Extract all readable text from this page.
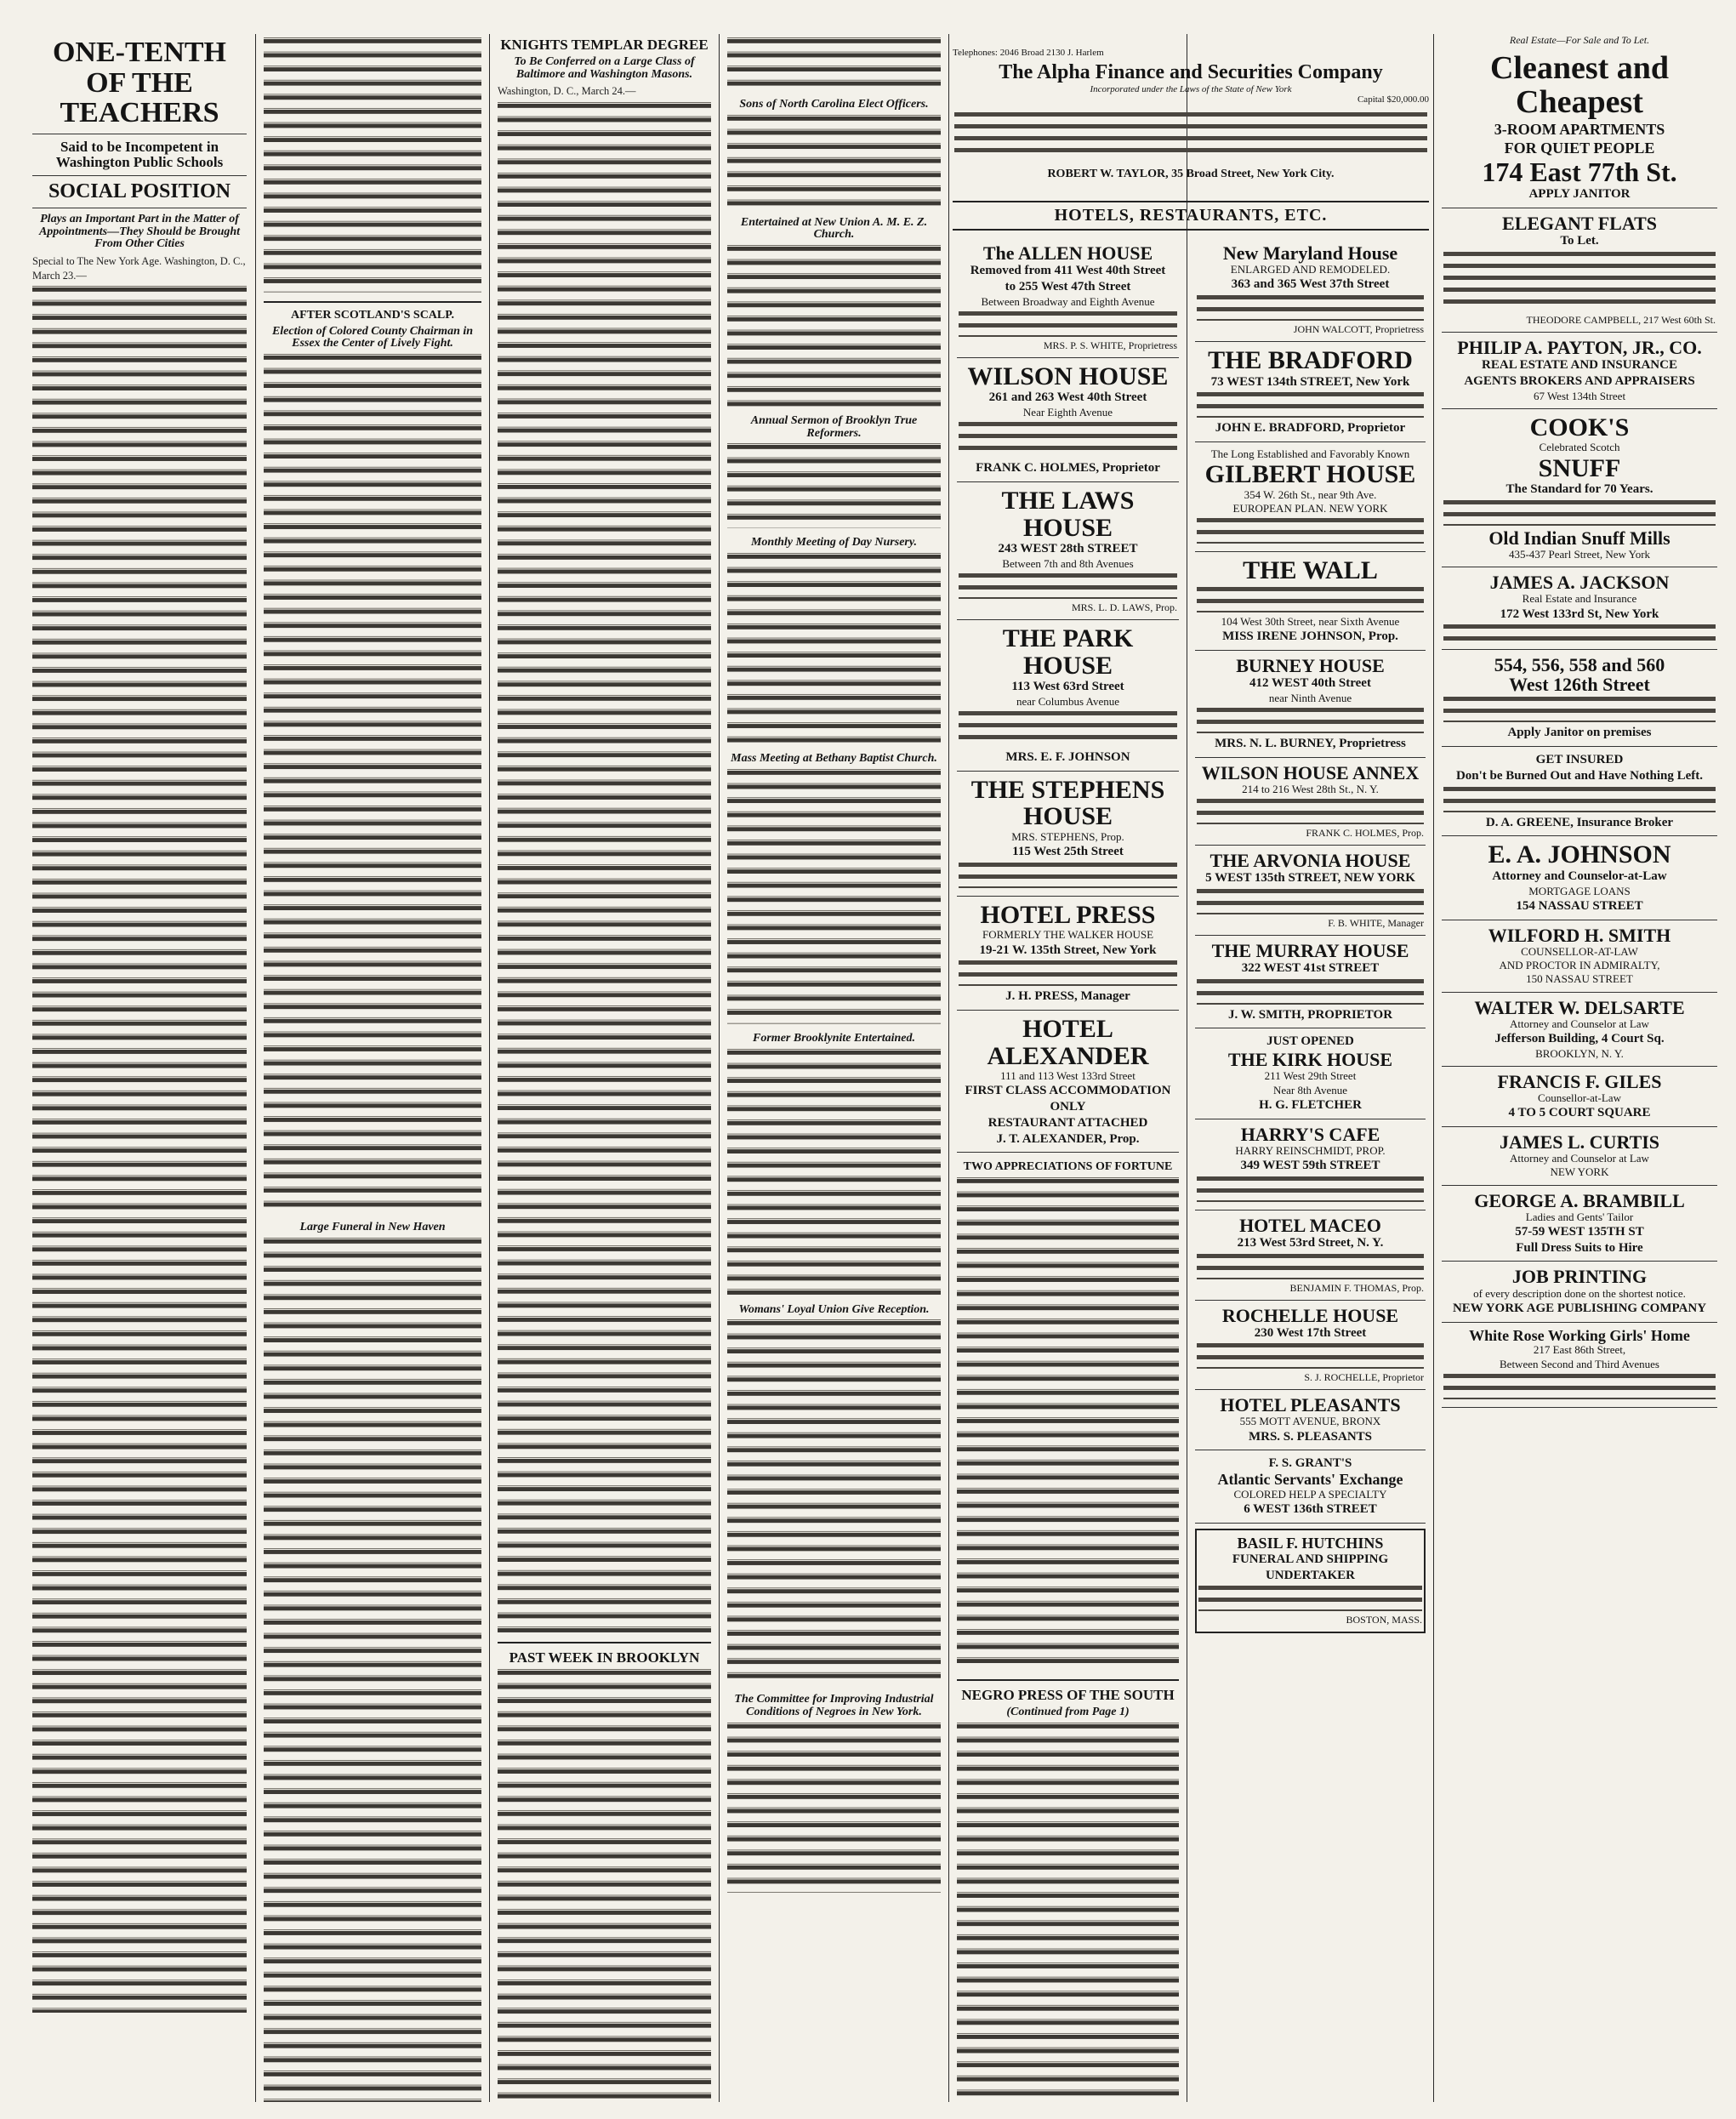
ONE-TENTH OF THE TEACHERS
Said to be Incompetent in Washington Public Schools
SOCIAL POSITION
Plays an Important Part in the Matter of Appointments—They Should be Brought From Other Cities
Special to The New York Age. Washington, D. C., March 23.—
AFTER SCOTLAND'S SCALP.
Election of Colored County Chairman in Essex the Center of Lively Fight.
Large Funeral in New Haven
KNIGHTS TEMPLAR DEGREE
To Be Conferred on a Large Class of Baltimore and Washington Masons.
Washington, D. C., March 24.—
PAST WEEK IN BROOKLYN
Sons of North Carolina Elect Officers.
Entertained at New Union A. M. E. Z. Church.
Annual Sermon of Brooklyn True Reformers.
Monthly Meeting of Day Nursery.
Mass Meeting at Bethany Baptist Church.
Former Brooklynite Entertained.
Womans' Loyal Union Give Reception.
The Committee for Improving Industrial Conditions of Negroes in New York.
Telephones: 2046 Broad 2130 J. Harlem
The Alpha Finance and Securities Company
Incorporated under the Laws of the State of New York
Capital $20,000.00
ROBERT W. TAYLOR, 35 Broad Street, New York City.
HOTELS, RESTAURANTS, ETC.
The ALLEN HOUSE
Removed from 411 West 40th Street
to 255 West 47th Street
Between Broadway and Eighth Avenue
MRS. P. S. WHITE, Proprietress
WILSON HOUSE
261 and 263 West 40th Street
Near Eighth Avenue
FRANK C. HOLMES, Proprietor
THE LAWS HOUSE
243 WEST 28th STREET
Between 7th and 8th Avenues
MRS. L. D. LAWS, Prop.
THE PARK HOUSE
113 West 63rd Street
near Columbus Avenue
MRS. E. F. JOHNSON
THE STEPHENS HOUSE
MRS. STEPHENS, Prop.
115 West 25th Street
HOTEL PRESS
FORMERLY THE WALKER HOUSE
19-21 W. 135th Street, New York
J. H. PRESS, Manager
HOTEL ALEXANDER
111 and 113 West 133rd Street
FIRST CLASS ACCOMMODATION ONLY
RESTAURANT ATTACHED
J. T. ALEXANDER, Prop.
TWO APPRECIATIONS OF FORTUNE
NEGRO PRESS OF THE SOUTH
(Continued from Page 1)
New Maryland House
ENLARGED AND REMODELED.
363 and 365 West 37th Street
JOHN WALCOTT, Proprietress
THE BRADFORD
73 WEST 134th STREET, New York
JOHN E. BRADFORD, Proprietor
The Long Established and Favorably Known
GILBERT HOUSE
354 W. 26th St., near 9th Ave.
EUROPEAN PLAN. NEW YORK
THE WALL
104 West 30th Street, near Sixth Avenue
MISS IRENE JOHNSON, Prop.
BURNEY HOUSE
412 WEST 40th Street
near Ninth Avenue
MRS. N. L. BURNEY, Proprietress
WILSON HOUSE ANNEX
214 to 216 West 28th St., N. Y.
FRANK C. HOLMES, Prop.
THE ARVONIA HOUSE
5 WEST 135th STREET, NEW YORK
F. B. WHITE, Manager
THE MURRAY HOUSE
322 WEST 41st STREET
J. W. SMITH, PROPRIETOR
JUST OPENED
THE KIRK HOUSE
211 West 29th Street
Near 8th Avenue
H. G. FLETCHER
HARRY'S CAFE
HARRY REINSCHMIDT, PROP.
349 WEST 59th STREET
HOTEL MACEO
213 West 53rd Street, N. Y.
BENJAMIN F. THOMAS, Prop.
ROCHELLE HOUSE
230 West 17th Street
S. J. ROCHELLE, Proprietor
HOTEL PLEASANTS
555 MOTT AVENUE, BRONX
MRS. S. PLEASANTS
F. S. GRANT'S
Atlantic Servants' Exchange
COLORED HELP A SPECIALTY
6 WEST 136th STREET
BASIL F. HUTCHINS
FUNERAL AND SHIPPING UNDERTAKER
BOSTON, MASS.
Real Estate—For Sale and To Let.
Cleanest and
Cheapest
3-ROOM APARTMENTS
FOR QUIET PEOPLE
174 East 77th St.
APPLY JANITOR
ELEGANT FLATS
To Let.
THEODORE CAMPBELL, 217 West 60th St.
PHILIP A. PAYTON, JR., CO.
REAL ESTATE AND INSURANCE
AGENTS BROKERS AND APPRAISERS
67 West 134th Street
COOK'S
Celebrated Scotch
SNUFF
The Standard for 70 Years.
Old Indian Snuff Mills
435-437 Pearl Street, New York
JAMES A. JACKSON
Real Estate and Insurance
172 West 133rd St, New York
554, 556, 558 and 560
West 126th Street
Apply Janitor on premises
GET INSURED
Don't be Burned Out and Have Nothing Left.
D. A. GREENE, Insurance Broker
E. A. JOHNSON
Attorney and Counselor-at-Law
MORTGAGE LOANS
154 NASSAU STREET
WILFORD H. SMITH
COUNSELLOR-AT-LAW
AND PROCTOR IN ADMIRALTY,
150 NASSAU STREET
WALTER W. DELSARTE
Attorney and Counselor at Law
Jefferson Building, 4 Court Sq.
BROOKLYN, N. Y.
FRANCIS F. GILES
Counsellor-at-Law
4 TO 5 COURT SQUARE
JAMES L. CURTIS
Attorney and Counselor at Law
NEW YORK
GEORGE A. BRAMBILL
Ladies and Gents' Tailor
57-59 WEST 135TH ST
Full Dress Suits to Hire
JOB PRINTING
of every description done on the shortest notice.
NEW YORK AGE PUBLISHING COMPANY
White Rose Working Girls' Home
217 East 86th Street,
Between Second and Third Avenues
